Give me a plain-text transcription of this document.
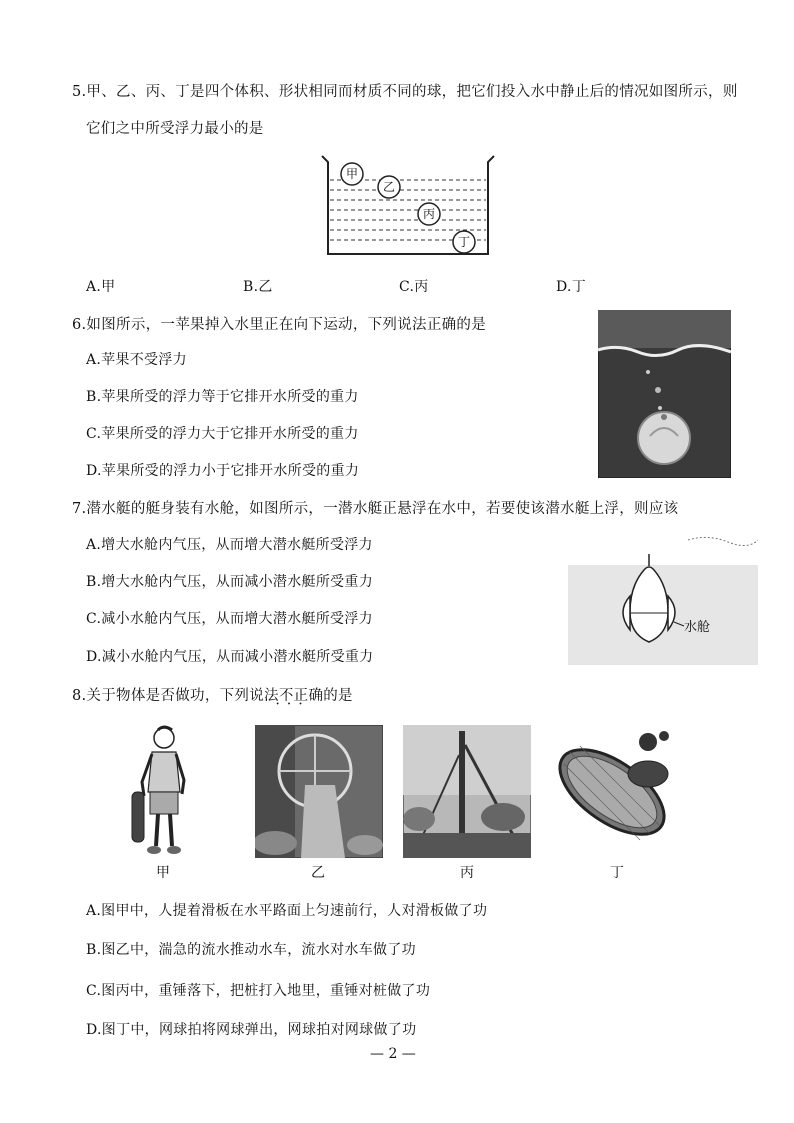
5.甲、乙、丙、丁是四个体积、形状相同而材质不同的球，把它们投入水中静止后的情况如图所示，则
它们之中所受浮力最小的是
甲
乙
丙
丁
A.甲	B.乙	C.丙	D.丁
6.如图所示，一苹果掉入水里正在向下运动，下列说法正确的是
A.苹果不受浮力
B.苹果所受的浮力等于它排开水所受的重力
C.苹果所受的浮力大于它排开水所受的重力
D.苹果所受的浮力小于它排开水所受的重力
7.潜水艇的艇身装有水舱，如图所示，一潜水艇正悬浮在水中，若要使该潜水艇上浮，则应该
A.增大水舱内气压，从而增大潜水艇所受浮力
B.增大水舱内气压，从而减小潜水艇所受重力
C.减小水舱内气压，从而增大潜水艇所受浮力
D.减小水舱内气压，从而减小潜水艇所受重力
水舱
8.关于物体是否做功，下列说法不正确 • • •的是
甲	乙	丙	丁
A.图甲中，人提着滑板在水平路面上匀速前行，人对滑板做了功
B.图乙中，湍急的流水推动水车，流水对水车做了功
C.图丙中，重锤落下，把桩打入地里，重锤对桩做了功
D.图丁中，网球拍将网球弹出，网球拍对网球做了功
— 2 —
